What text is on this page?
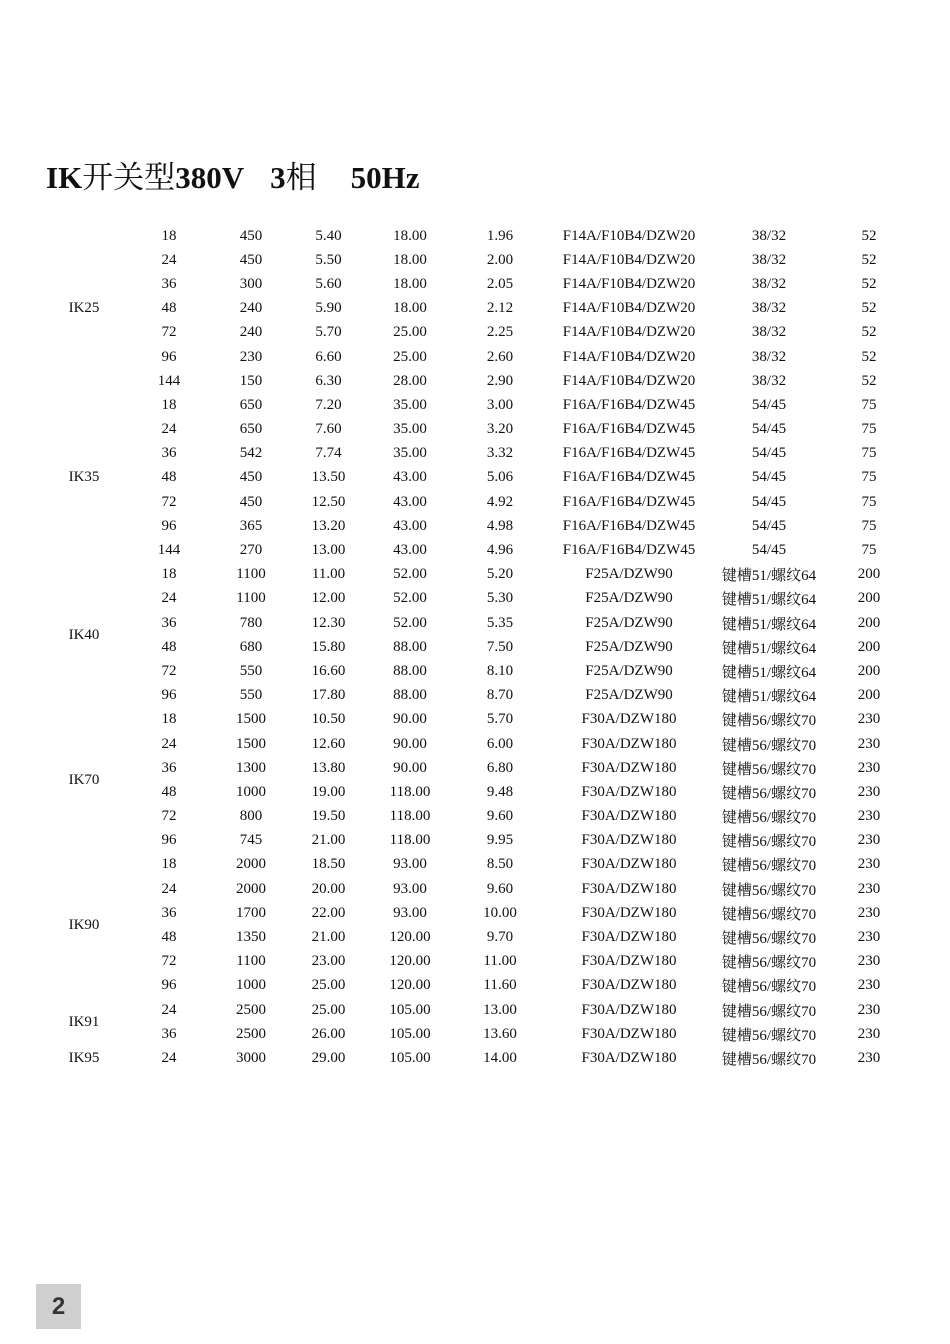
IK开关型380V 3相 50Hz
IK25	18	450	5.40	18.00	1.96	F14A/F10B4/DZW20	38/32	52
	24	450	5.50	18.00	2.00	F14A/F10B4/DZW20	38/32	52
	36	300	5.60	18.00	2.05	F14A/F10B4/DZW20	38/32	52
	48	240	5.90	18.00	2.12	F14A/F10B4/DZW20	38/32	52
	72	240	5.70	25.00	2.25	F14A/F10B4/DZW20	38/32	52
	96	230	6.60	25.00	2.60	F14A/F10B4/DZW20	38/32	52
	144	150	6.30	28.00	2.90	F14A/F10B4/DZW20	38/32	52
IK35	18	650	7.20	35.00	3.00	F16A/F16B4/DZW45	54/45	75
	24	650	7.60	35.00	3.20	F16A/F16B4/DZW45	54/45	75
	36	542	7.74	35.00	3.32	F16A/F16B4/DZW45	54/45	75
	48	450	13.50	43.00	5.06	F16A/F16B4/DZW45	54/45	75
	72	450	12.50	43.00	4.92	F16A/F16B4/DZW45	54/45	75
	96	365	13.20	43.00	4.98	F16A/F16B4/DZW45	54/45	75
	144	270	13.00	43.00	4.96	F16A/F16B4/DZW45	54/45	75
IK40	18	1100	11.00	52.00	5.20	F25A/DZW90	键槽51/螺纹64	200
	24	1100	12.00	52.00	5.30	F25A/DZW90	键槽51/螺纹64	200
	36	780	12.30	52.00	5.35	F25A/DZW90	键槽51/螺纹64	200
	48	680	15.80	88.00	7.50	F25A/DZW90	键槽51/螺纹64	200
	72	550	16.60	88.00	8.10	F25A/DZW90	键槽51/螺纹64	200
	96	550	17.80	88.00	8.70	F25A/DZW90	键槽51/螺纹64	200
IK70	18	1500	10.50	90.00	5.70	F30A/DZW180	键槽56/螺纹70	230
	24	1500	12.60	90.00	6.00	F30A/DZW180	键槽56/螺纹70	230
	36	1300	13.80	90.00	6.80	F30A/DZW180	键槽56/螺纹70	230
	48	1000	19.00	118.00	9.48	F30A/DZW180	键槽56/螺纹70	230
	72	800	19.50	118.00	9.60	F30A/DZW180	键槽56/螺纹70	230
	96	745	21.00	118.00	9.95	F30A/DZW180	键槽56/螺纹70	230
IK90	18	2000	18.50	93.00	8.50	F30A/DZW180	键槽56/螺纹70	230
	24	2000	20.00	93.00	9.60	F30A/DZW180	键槽56/螺纹70	230
	36	1700	22.00	93.00	10.00	F30A/DZW180	键槽56/螺纹70	230
	48	1350	21.00	120.00	9.70	F30A/DZW180	键槽56/螺纹70	230
	72	1100	23.00	120.00	11.00	F30A/DZW180	键槽56/螺纹70	230
	96	1000	25.00	120.00	11.60	F30A/DZW180	键槽56/螺纹70	230
IK91	24	2500	25.00	105.00	13.00	F30A/DZW180	键槽56/螺纹70	230
	36	2500	26.00	105.00	13.60	F30A/DZW180	键槽56/螺纹70	230
IK95	24	3000	29.00	105.00	14.00	F30A/DZW180	键槽56/螺纹70	230
2
